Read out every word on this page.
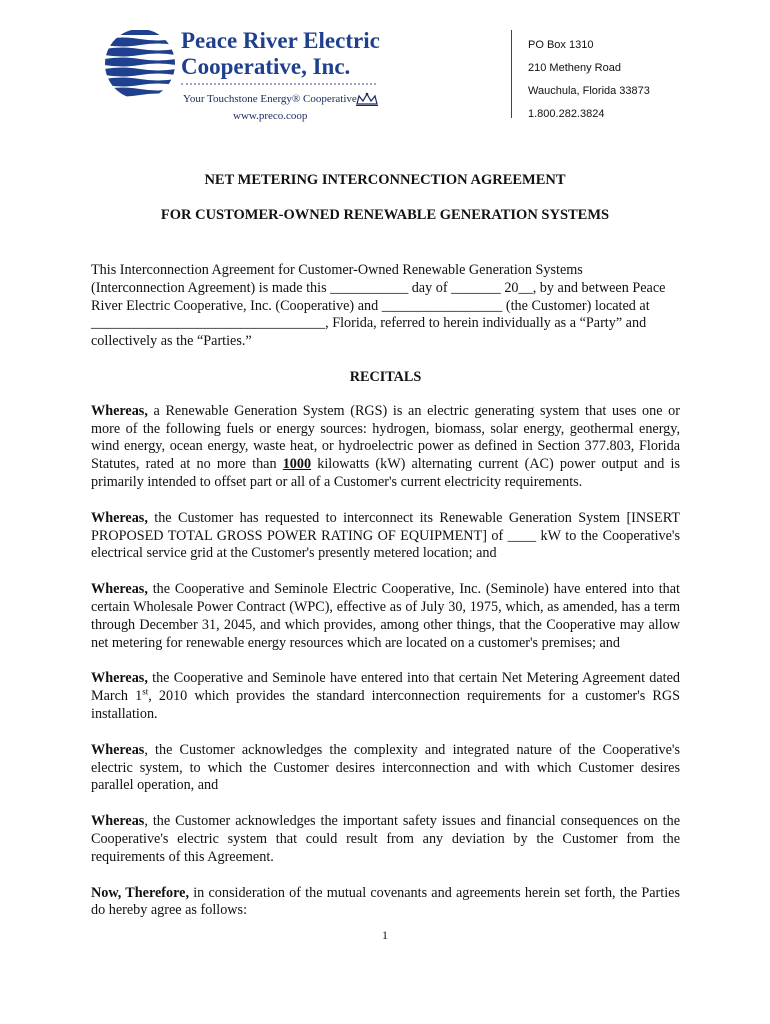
Peace River Electric
Cooperative, Inc.
Your Touchstone Energy® Cooperative
www.preco.coop
PO Box 1310
210 Metheny Road
Wauchula, Florida 33873
1.800.282.3824
NET METERING INTERCONNECTION AGREEMENT
FOR CUSTOMER-OWNED RENEWABLE GENERATION SYSTEMS

This Interconnection Agreement for Customer-Owned Renewable Generation Systems (Interconnection Agreement) is made this ___________ day of _______ 20__, by and between Peace River Electric Cooperative, Inc. (Cooperative) and _________________ (the Customer) located at _________________________________, Florida, referred to herein individually as a “Party” and collectively as the “Parties.”

RECITALS

Whereas, a Renewable Generation System (RGS) is an electric generating system that uses one or more of the following fuels or energy sources: hydrogen, biomass, solar energy, geothermal energy, wind energy, ocean energy, waste heat, or hydroelectric power as defined in Section 377.803, Florida Statutes, rated at no more than 1000 kilowatts (kW) alternating current (AC) power output and is primarily intended to offset part or all of a Customer's current electricity requirements.

Whereas, the Customer has requested to interconnect its Renewable Generation System [INSERT PROPOSED TOTAL GROSS POWER RATING OF EQUIPMENT] of ____ kW to the Cooperative's electrical service grid at the Customer's presently metered location; and

Whereas, the Cooperative and Seminole Electric Cooperative, Inc. (Seminole) have entered into that certain Wholesale Power Contract (WPC), effective as of July 30, 1975, which, as amended, has a term through December 31, 2045, and which provides, among other things, that the Cooperative may allow net metering for renewable energy resources which are located on a customer's premises; and

Whereas, the Cooperative and Seminole have entered into that certain Net Metering Agreement dated March 1st, 2010 which provides the standard interconnection requirements for a customer's RGS installation.

Whereas, the Customer acknowledges the complexity and integrated nature of the Cooperative's electric system, to which the Customer desires interconnection and with which Customer desires parallel operation, and

Whereas, the Customer acknowledges the important safety issues and financial consequences on the Cooperative's electric system that could result from any deviation by the Customer from the requirements of this Agreement.

Now, Therefore, in consideration of the mutual covenants and agreements herein set forth, the Parties do hereby agree as follows:

1
